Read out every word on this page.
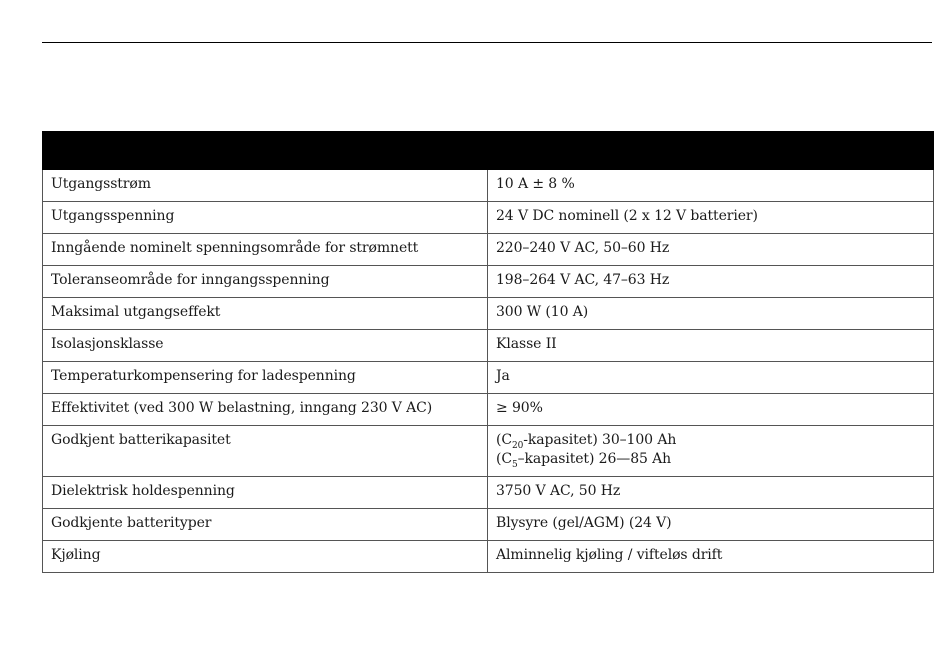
Utgangsstrøm	10 A ± 8 %
Utgangsspenning	24 V DC nominell (2 x 12 V batterier)
Inngående nominelt spenningsområde for strømnett	220–240 V AC, 50–60 Hz
Toleranseområde for inngangsspenning	198–264 V AC, 47–63 Hz
Maksimal utgangseffekt	300 W (10 A)
Isolasjonsklasse	Klasse II
Temperaturkompensering for ladespenning	Ja
Effektivitet (ved 300 W belastning, inngang 230 V AC)	≥ 90%
Godkjent batterikapasitet	$(C_{20}-kapasitet)$ 30–100 Ah
$(C_5-kapasitet)$ 26—85 Ah

Dielektrisk holdespenning	3750 V AC, 50 Hz
Godkjente batterityper	Blysyre (gel/AGM) (24 V)
Kjøling	Alminnelig kjøling / vifteløs drift
